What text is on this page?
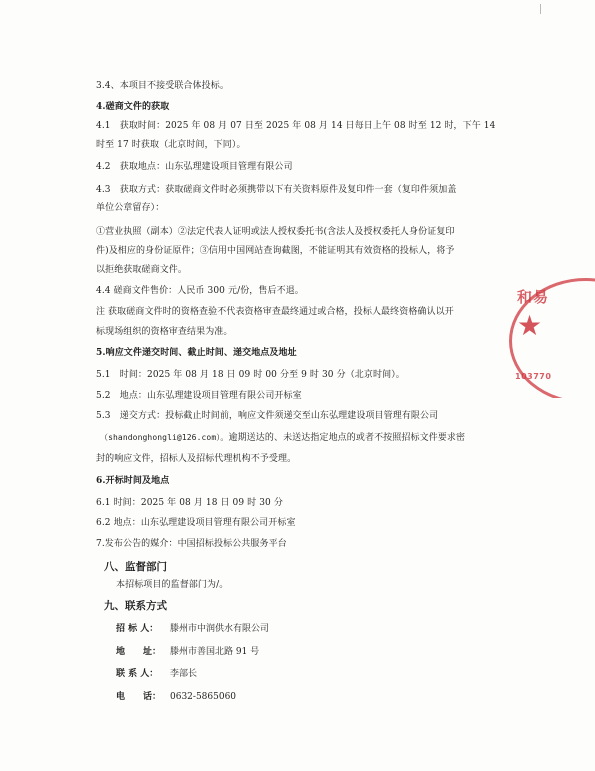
3.4、本项目不接受联合体投标。
4.磋商文件的获取
4.1　获取时间：2025 年 08 月 07 日至 2025 年 08 月 14 日每日上午 08 时至 12 时，下午 14
时至 17 时获取（北京时间，下同）。
4.2　获取地点：山东弘理建设项目管理有限公司
4.3　获取方式：获取磋商文件时必须携带以下有关资料原件及复印件一套（复印件须加盖
单位公章留存）：
①营业执照（副本）②法定代表人证明或法人授权委托书(含法人及授权委托人身份证复印
件)及相应的身份证原件；③信用中国网站查询截图，不能证明其有效资格的投标人，将予
以拒绝获取磋商文件。
4.4 磋商文件售价：人民币 300 元/份，售后不退。
注 获取磋商文件时的资格查验不代表资格审查最终通过或合格，投标人最终资格确认以开
标现场组织的资格审查结果为准。
5.响应文件递交时间、截止时间、递交地点及地址
5.1　时间：2025 年 08 月 18 日 09 时 00 分至 9 时 30 分（北京时间）。
5.2　地点：山东弘理建设项目管理有限公司开标室
5.3　递交方式：投标截止时间前，响应文件须递交至山东弘理建设项目管理有限公司
（shandonghongli@126.com）。逾期送达的、未送达指定地点的或者不按照招标文件要求密
封的响应文件，招标人及招标代理机构不予受理。
6.开标时间及地点
6.1 时间：2025 年 08 月 18 日 09 时 30 分
6.2 地点：山东弘理建设项目管理有限公司开标室
7.发布公告的媒介：中国招标投标公共服务平台
八、监督部门
本招标项目的监督部门为/。
九、联系方式
招 标 人： 滕州市中润供水有限公司
地　　址： 滕州市善国北路 91 号
联 系 人： 李部长
电　　话： 0632-5865060
和易
★
103770
